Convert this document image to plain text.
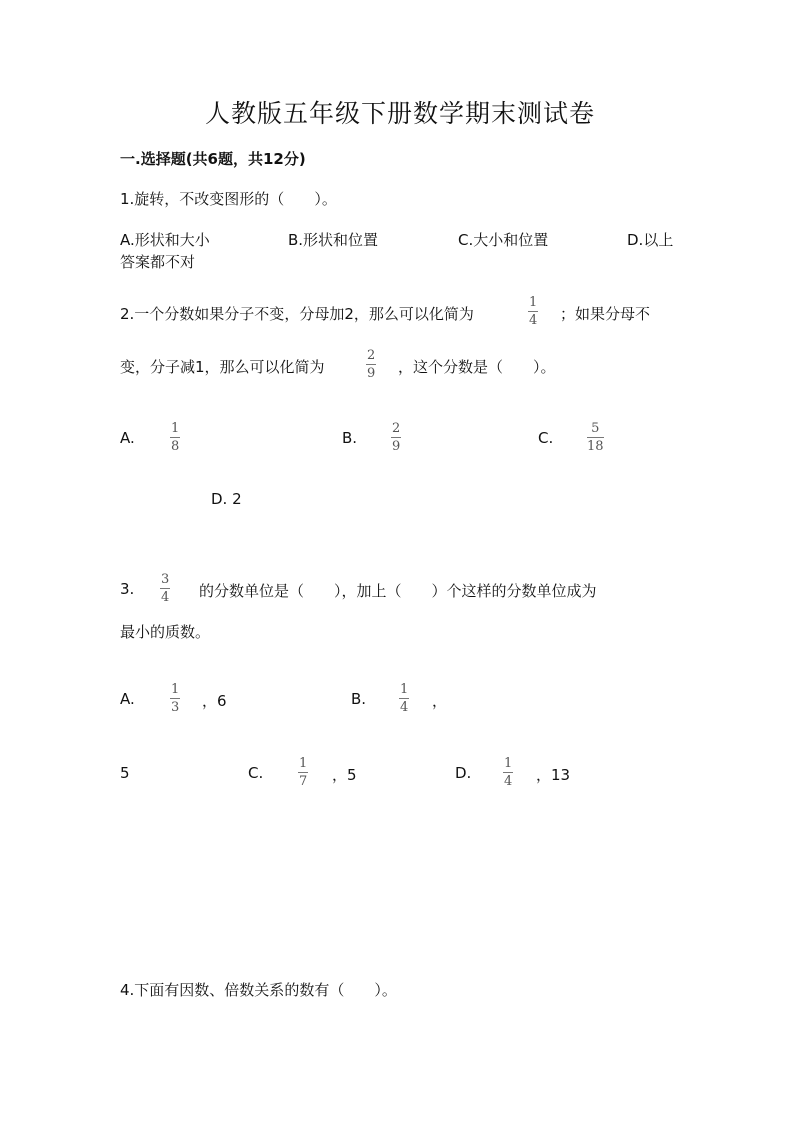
人教版五年级下册数学期末测试卷
一.选择题(共6题，共12分)
1.旋转，不改变图形的（　　）。
A.形状和大小	B.形状和位置	C.大小和位置	D.以上
答案都不对
2.一个分数如果分子不变，分母加2，那么可以化简为
1
4 ；如果分母不
变，分子减1，那么可以化简为
2
9 ，这个分数是（　　）。
A.
1
8	B.
2
9	C.
5
18
D. 2
3.
3
4 的分数单位是（　　），加上（　　）个这样的分数单位成为
最小的质数。
A.
1
3 ，6	B.
1
4 ，
5	C.
1
7 ，5	D.
1
4 ，13
4.下面有因数、倍数关系的数有（　　）。
